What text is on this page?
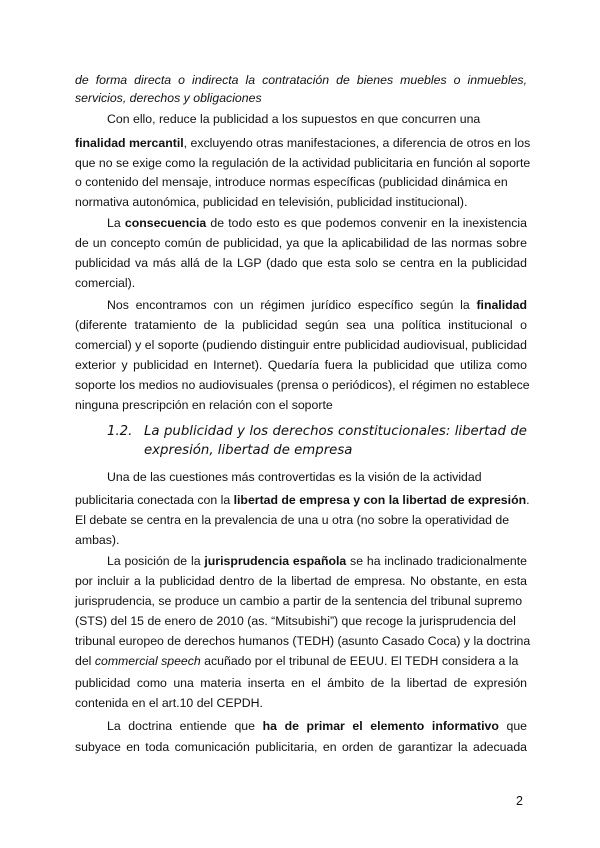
de forma directa o indirecta la contratación de bienes muebles o inmuebles,
servicios, derechos y obligaciones
Con ello, reduce la publicidad a los supuestos en que concurren una
finalidad mercantil, excluyendo otras manifestaciones, a diferencia de otros en los
que no se exige como la regulación de la actividad publicitaria en función al soporte
o contenido del mensaje, introduce normas específicas (publicidad dinámica en
normativa autonómica, publicidad en televisión, publicidad institucional).
La consecuencia de todo esto es que podemos convenir en la inexistencia
de un concepto común de publicidad, ya que la aplicabilidad de las normas sobre
publicidad va más allá de la LGP (dado que esta solo se centra en la publicidad
comercial).
Nos encontramos con un régimen jurídico específico según la finalidad
(diferente tratamiento de la publicidad según sea una política institucional o
comercial) y el soporte (pudiendo distinguir entre publicidad audiovisual, publicidad
exterior y publicidad en Internet). Quedaría fuera la publicidad que utiliza como
soporte los medios no audiovisuales (prensa o periódicos), el régimen no establece
ninguna prescripción en relación con el soporte
Una de las cuestiones más controvertidas es la visión de la actividad
publicitaria conectada con la libertad de empresa y con la libertad de expresión.
El debate se centra en la prevalencia de una u otra (no sobre la operatividad de
ambas).
La posición de la jurisprudencia española se ha inclinado tradicionalmente
por incluir a la publicidad dentro de la libertad de empresa. No obstante, en esta
jurisprudencia, se produce un cambio a partir de la sentencia del tribunal supremo
(STS) del 15 de enero de 2010 (as. “Mitsubishi”) que recoge la jurisprudencia del
tribunal europeo de derechos humanos (TEDH) (asunto Casado Coca) y la doctrina
del commercial speech acuñado por el tribunal de EEUU. El TEDH considera a la
publicidad como una materia inserta en el ámbito de la libertad de expresión
contenida en el art.10 del CEPDH.
La doctrina entiende que ha de primar el elemento informativo que
subyace en toda comunicación publicitaria, en orden de garantizar la adecuada
1.2. La publicidad y los derechos constitucionales: libertad de
expresión, libertad de empresa
2
